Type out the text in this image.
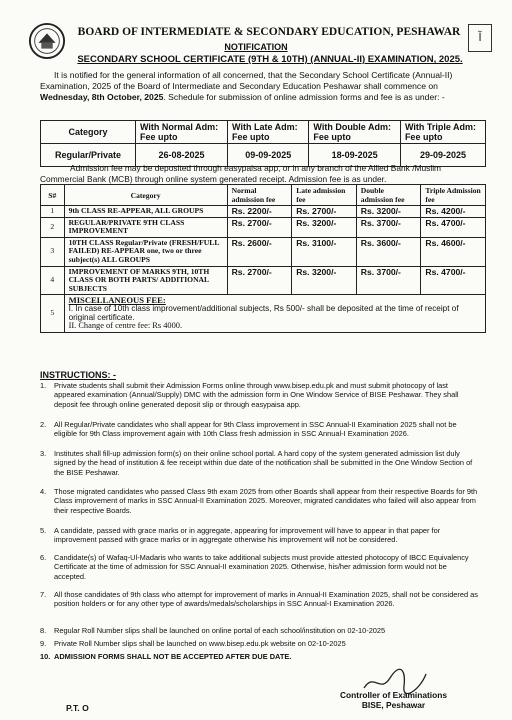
آ
BOARD OF INTERMEDIATE & SECONDARY EDUCATION, PESHAWAR
NOTIFICATION
SECONDARY SCHOOL CERTIFICATE (9TH & 10TH) (ANNUAL-II) EXAMINATION, 2025.
It is notified for the general information of all concerned, that the Secondary School Certificate (Annual-II) Examination, 2025 of the Board of Intermediate and Secondary Education Peshawar shall commence on Wednesday, 8th October, 2025. Schedule for submission of online admission forms and fee is as under: -
Category	With Normal Adm: Fee upto	With Late Adm: Fee upto	With Double Adm: Fee upto	With Triple Adm: Fee upto
Regular/Private	26-08-2025	09-09-2025	18-09-2025	29-09-2025
Admission fee may be deposited through easypaisa app, or in any branch of the Allied Bank /Muslim Commercial Bank (MCB) through online system generated receipt. Admission fee is as under.
S#	Category	Normal admission fee	Late admission fee	Double admission fee	Triple Admission fee
1	9th CLASS RE-APPEAR, ALL GROUPS	Rs. 2200/-	Rs. 2700/-	Rs. 3200/-	Rs. 4200/-
2	REGULAR/PRIVATE 9TH CLASS IMPROVEMENT	Rs. 2700/-	Rs. 3200/-	Rs. 3700/-	Rs. 4700/-
3	10TH CLASS Regular/Private (FRESH/FULL FAILED) RE-APPEAR one, two or three subject(s) ALL GROUPS	Rs. 2600/-	Rs. 3100/-	Rs. 3600/-	Rs. 4600/-
4	IMPROVEMENT OF MARKS 9TH, 10TH CLASS OR BOTH PARTS/ ADDITIONAL SUBJECTS	Rs. 2700/-	Rs. 3200/-	Rs. 3700/-	Rs. 4700/-
5	MISCELLANEOUS FEE:
I. In case of 10th class improvement/additional subjects, Rs 500/- shall be deposited at the time of receipt of original certificate.
II. Change of centre fee: Rs 4000.				
INSTRUCTIONS: -
1. Private students shall submit their Admission Forms online through www.bisep.edu.pk and must submit photocopy of last appeared examination (Annual/Supply) DMC with the admission form in One Window Service of BISE Peshawar. They shall deposit fee through online generated deposit slip or through easypaisa app.
2. All Regular/Private candidates who shall appear for 9th Class improvement in SSC Annual-II Examination 2025 shall not be eligible for 9th Class improvement again with 10th Class fresh admission in SSC Annual-I Examination 2026.
3. Institutes shall fill-up admission form(s) on their online school portal. A hard copy of the system generated admission list duly signed by the head of institution & fee receipt within due date of the notification shall be submitted in the One Window Section of the BISE Peshawar.
4. Those migrated candidates who passed Class 9th exam 2025 from other Boards shall appear from their respective Boards for 9th Class improvement of marks in SSC Annual-II Examination 2025. Moreover, migrated candidates who failed will also appear from their respective Boards.
5. A candidate, passed with grace marks or in aggregate, appearing for improvement will have to appear in that paper for improvement passed with grace marks or in aggregate otherwise his improvement will not be considered.
6. Candidate(s) of Wafaq-Ul-Madaris who wants to take additional subjects must provide attested photocopy of IBCC Equivalency Certificate at the time of admission for SSC Annual-II examination 2025. Otherwise, his/her admission form would not be accepted.
7. All those candidates of 9th class who attempt for improvement of marks in Annual-II Examination 2025, shall not be considered as position holders or for any other type of awards/medals/scholarships in SSC Annual-I Examination 2026.
8. Regular Roll Number slips shall be launched on online portal of each school/institution on 02-10-2025
9. Private Roll Number slips shall be launched on www.bisep.edu.pk website on 02-10-2025
10. ADMISSION FORMS SHALL NOT BE ACCEPTED AFTER DUE DATE.
Controller of Examinations
BISE, Peshawar
P.T. O
